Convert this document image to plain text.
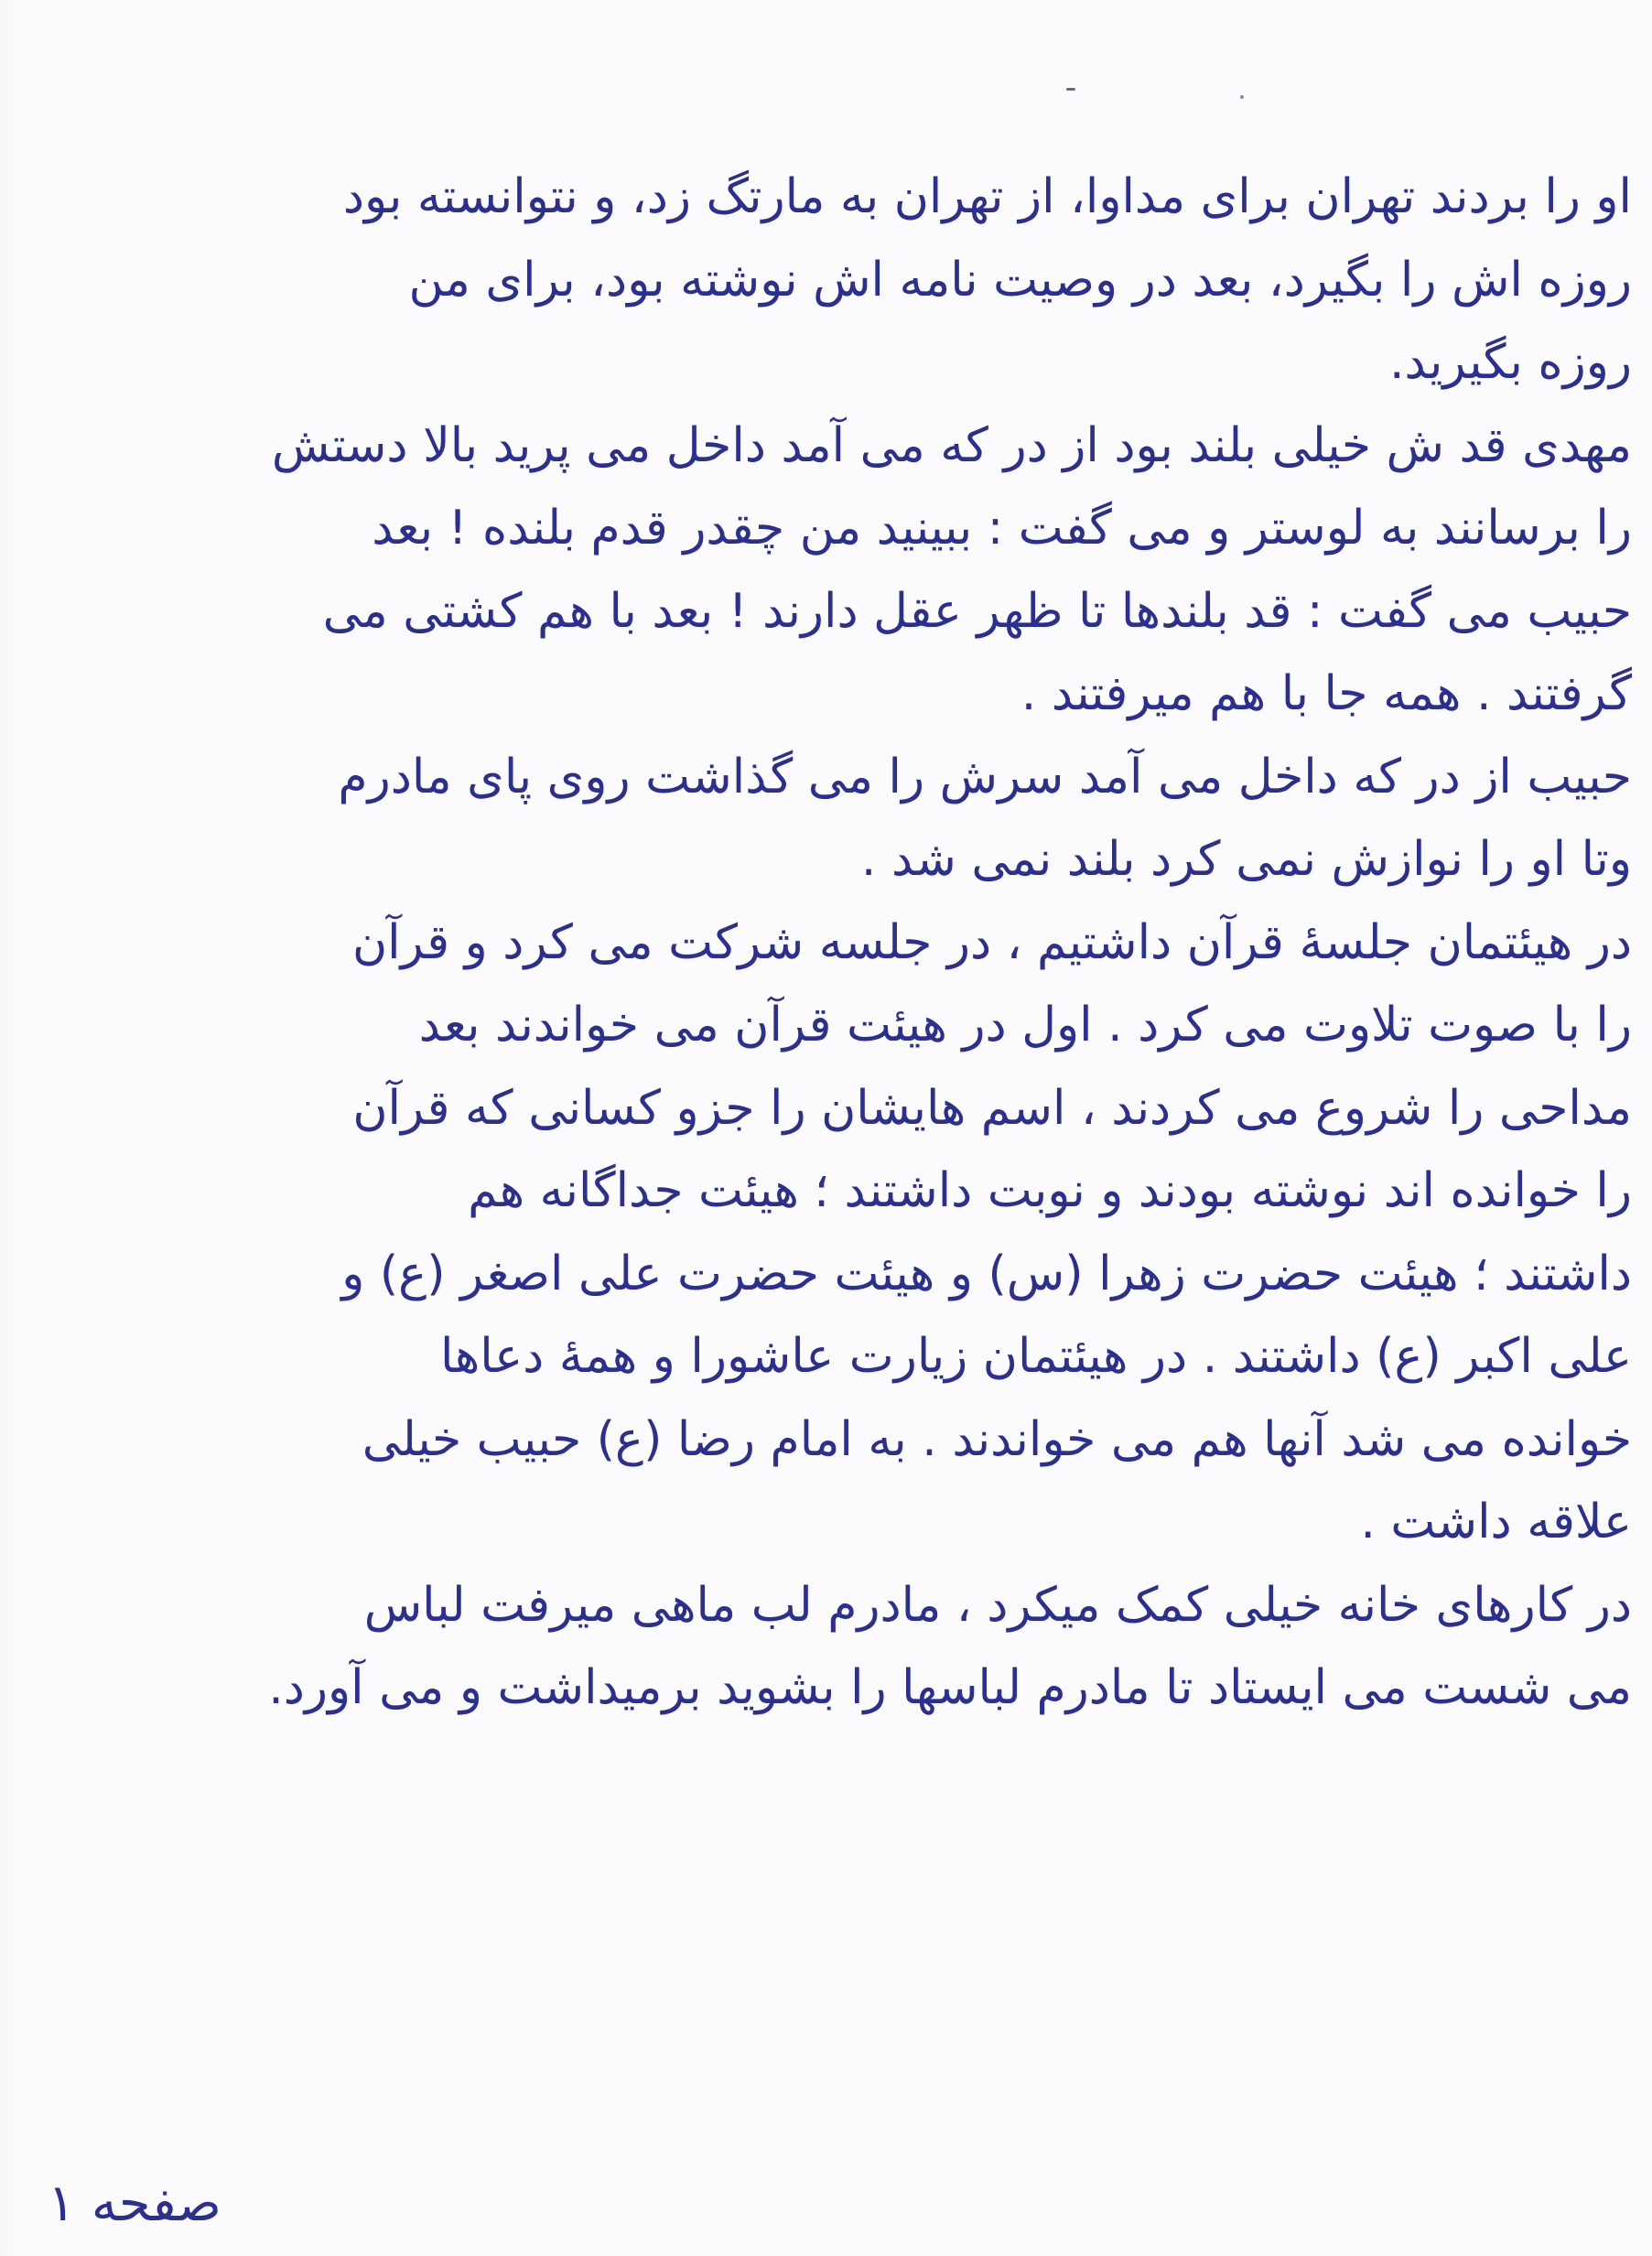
او را بردند تهران برای مداوا، از تهران به مارتگ زد، و نتوانسته بود
روزه اش را بگیرد، بعد در وصیت نامه اش نوشته بود، برای من
روزه بگیرید.
مهدی قد ش خیلی بلند بود از در که می آمد داخل می پرید بالا دستش
را برسانند به لوستر و می گفت : ببینید من چقدر قدم بلنده ! بعد
حبیب می گفت : قد بلندها تا ظهر عقل دارند ! بعد با هم کشتی می
گرفتند . همه جا با هم میرفتند .
حبیب از در که داخل می آمد سرش را می گذاشت روی پای مادرم
وتا او را نوازش نمی کرد بلند نمی شد .
در هیئتمان جلسهٔ قرآن داشتیم ، در جلسه شرکت می کرد و قرآن
را با صوت تلاوت می کرد . اول در هیئت قرآن می خواندند بعد
مداحی را شروع می کردند ، اسم هایشان را جزو کسانی که قرآن
را خوانده اند نوشته بودند و نوبت داشتند ؛ هیئت جداگانه هم
داشتند ؛ هیئت حضرت زهرا (س) و هیئت حضرت علی اصغر (ع) و
علی اکبر (ع) داشتند . در هیئتمان زیارت عاشورا و همهٔ دعاها
خوانده می شد آنها هم می خواندند . به امام رضا (ع) حبیب خیلی
علاقه داشت .
در کارهای خانه خیلی کمک میکرد ، مادرم لب ماهی میرفت لباس
می شست می ایستاد تا مادرم لباسها را بشوید برمیداشت و می آورد.
صفحه ۱
